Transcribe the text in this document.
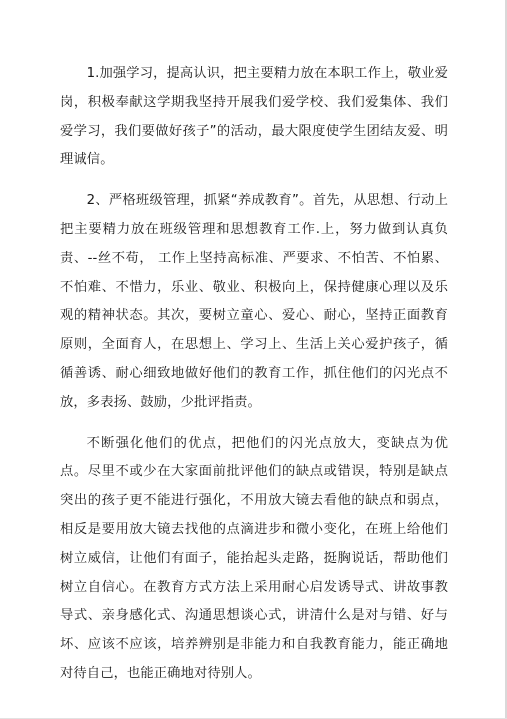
1.加强学习，提高认识，把主要精力放在本职工作上，敬业爱岗，积极奉献这学期我坚持开展我们爱学校、我们爱集体、我们爱学习，我们要做好孩子”的活动，最大限度使学生团结友爱、明理诚信。

2、严格班级管理，抓紧“养成教育”。首先，从思想、行动上把主要精力放在班级管理和思想教育工作.上，努力做到认真负责、--丝不苟， 工作上坚持高标准、严要求、不怕苦、不怕累、不怕难、不惜力，乐业、敬业、积极向上，保持健康心理以及乐观的精神状态。其次，要树立童心、爱心、耐心，坚持正面教育原则，全面育人，在思想上、学习上、生活上关心爱护孩子，循循善诱、耐心细致地做好他们的教育工作，抓住他们的闪光点不放，多表扬、鼓励，少批评指责。

不断强化他们的优点，把他们的闪光点放大，变缺点为优点。尽里不或少在大家面前批评他们的缺点或错误，特别是缺点突出的孩子更不能进行强化，不用放大镜去看他的缺点和弱点，相反是要用放大镜去找他的点滴进步和微小变化，在班上给他们树立威信，让他们有面子，能抬起头走路，挺胸说话，帮助他们树立自信心。在教育方式方法上采用耐心启发诱导式、讲故事教导式、亲身感化式、沟通思想谈心式，讲清什么是对与错、好与坏、应该不应该，培养辨别是非能力和自我教育能力，能正确地对待自己，也能正确地对待别人。
